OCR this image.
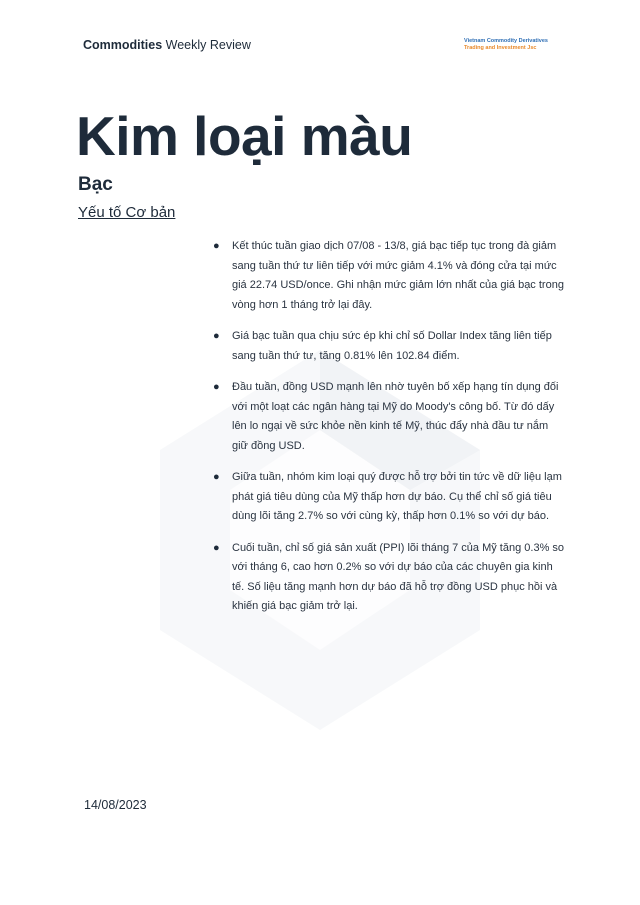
Commodities Weekly Review	Vietnam Commodity Derivatives
Trading and Investment Jsc
Kim loại màu
Bạc
Yếu tố Cơ bản
● Kết thúc tuần giao dịch 07/08 - 13/8, giá bạc tiếp tục trong đà giảm sang tuần thứ tư liên tiếp với mức giảm 4.1% và đóng cửa tại mức giá 22.74 USD/once. Ghi nhận mức giảm lớn nhất của giá bạc trong vòng hơn 1 tháng trở lại đây.
● Giá bạc tuần qua chịu sức ép khi chỉ số Dollar Index tăng liên tiếp sang tuần thứ tư, tăng 0.81% lên 102.84 điểm.
● Đầu tuần, đồng USD mạnh lên nhờ tuyên bố xếp hạng tín dụng đối với một loạt các ngân hàng tại Mỹ do Moody's công bố. Từ đó dấy lên lo ngại về sức khỏe nền kinh tế Mỹ, thúc đẩy nhà đầu tư nắm giữ đồng USD.
● Giữa tuần, nhóm kim loại quý được hỗ trợ bởi tin tức về dữ liệu lạm phát giá tiêu dùng của Mỹ thấp hơn dự báo. Cụ thể chỉ số giá tiêu dùng lõi tăng 2.7% so với cùng kỳ, thấp hơn 0.1% so với dự báo.
● Cuối tuần, chỉ số giá sản xuất (PPI) lõi tháng 7 của Mỹ tăng 0.3% so với tháng 6, cao hơn 0.2% so với dự báo của các chuyên gia kinh tế. Số liệu tăng mạnh hơn dự báo đã hỗ trợ đồng USD phục hồi và khiến giá bạc giảm trở lại.
14/08/2023
